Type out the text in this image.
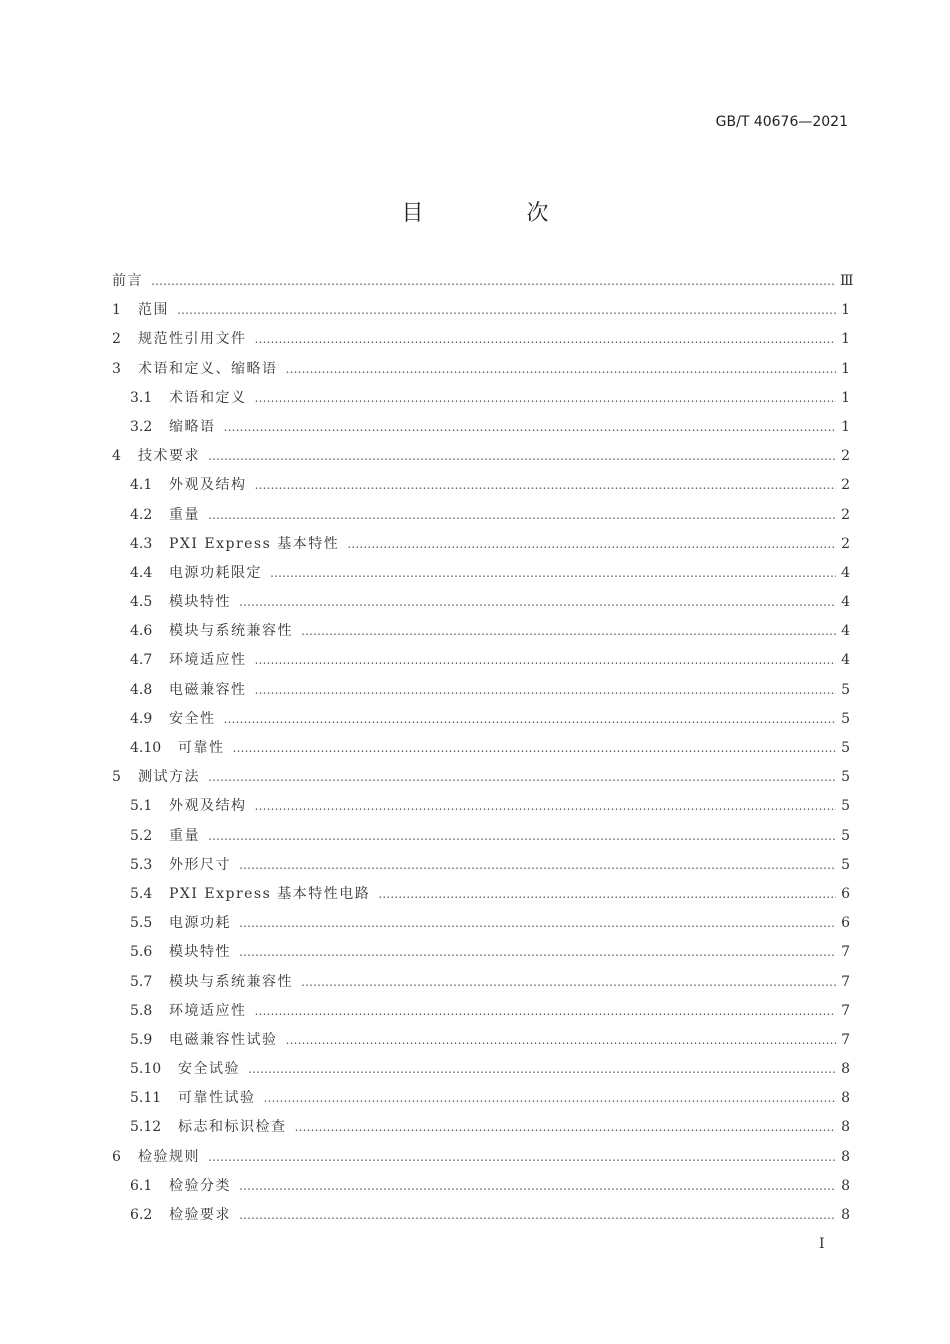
GB/T 40676—2021
目 次
前言 …………………………………………………………………………………………………………………………………………………………………………………………………………………………	Ⅲ
1	范围 …………………………………………………………………………………………………………………………………………………………………………………………………………………………	1
2	规范性引用文件 …………………………………………………………………………………………………………………………………………………………………………………………………………………………	1
3	术语和定义、缩略语 …………………………………………………………………………………………………………………………………………………………………………………………………………………………	1
3.1	术语和定义 …………………………………………………………………………………………………………………………………………………………………………………………………………………………	1
3.2	缩略语 …………………………………………………………………………………………………………………………………………………………………………………………………………………………	1
4	技术要求 …………………………………………………………………………………………………………………………………………………………………………………………………………………………	2
4.1	外观及结构 …………………………………………………………………………………………………………………………………………………………………………………………………………………………	2
4.2	重量 …………………………………………………………………………………………………………………………………………………………………………………………………………………………	2
4.3	PXI Express 基本特性 …………………………………………………………………………………………………………………………………………………………………………………………………………………………	2
4.4	电源功耗限定 …………………………………………………………………………………………………………………………………………………………………………………………………………………………	4
4.5	模块特性 …………………………………………………………………………………………………………………………………………………………………………………………………………………………	4
4.6	模块与系统兼容性 …………………………………………………………………………………………………………………………………………………………………………………………………………………………	4
4.7	环境适应性 …………………………………………………………………………………………………………………………………………………………………………………………………………………………	4
4.8	电磁兼容性 …………………………………………………………………………………………………………………………………………………………………………………………………………………………	5
4.9	安全性 …………………………………………………………………………………………………………………………………………………………………………………………………………………………	5
4.10	可靠性 …………………………………………………………………………………………………………………………………………………………………………………………………………………………	5
5	测试方法 …………………………………………………………………………………………………………………………………………………………………………………………………………………………	5
5.1	外观及结构 …………………………………………………………………………………………………………………………………………………………………………………………………………………………	5
5.2	重量 …………………………………………………………………………………………………………………………………………………………………………………………………………………………	5
5.3	外形尺寸 …………………………………………………………………………………………………………………………………………………………………………………………………………………………	5
5.4	PXI Express 基本特性电路 …………………………………………………………………………………………………………………………………………………………………………………………………………………………	6
5.5	电源功耗 …………………………………………………………………………………………………………………………………………………………………………………………………………………………	6
5.6	模块特性 …………………………………………………………………………………………………………………………………………………………………………………………………………………………	7
5.7	模块与系统兼容性 …………………………………………………………………………………………………………………………………………………………………………………………………………………………	7
5.8	环境适应性 …………………………………………………………………………………………………………………………………………………………………………………………………………………………	7
5.9	电磁兼容性试验 …………………………………………………………………………………………………………………………………………………………………………………………………………………………	7
5.10	安全试验 …………………………………………………………………………………………………………………………………………………………………………………………………………………………	8
5.11	可靠性试验 …………………………………………………………………………………………………………………………………………………………………………………………………………………………	8
5.12	标志和标识检查 …………………………………………………………………………………………………………………………………………………………………………………………………………………………	8
6	检验规则 …………………………………………………………………………………………………………………………………………………………………………………………………………………………	8
6.1	检验分类 …………………………………………………………………………………………………………………………………………………………………………………………………………………………	8
6.2	检验要求 …………………………………………………………………………………………………………………………………………………………………………………………………………………………	8
Ⅰ
